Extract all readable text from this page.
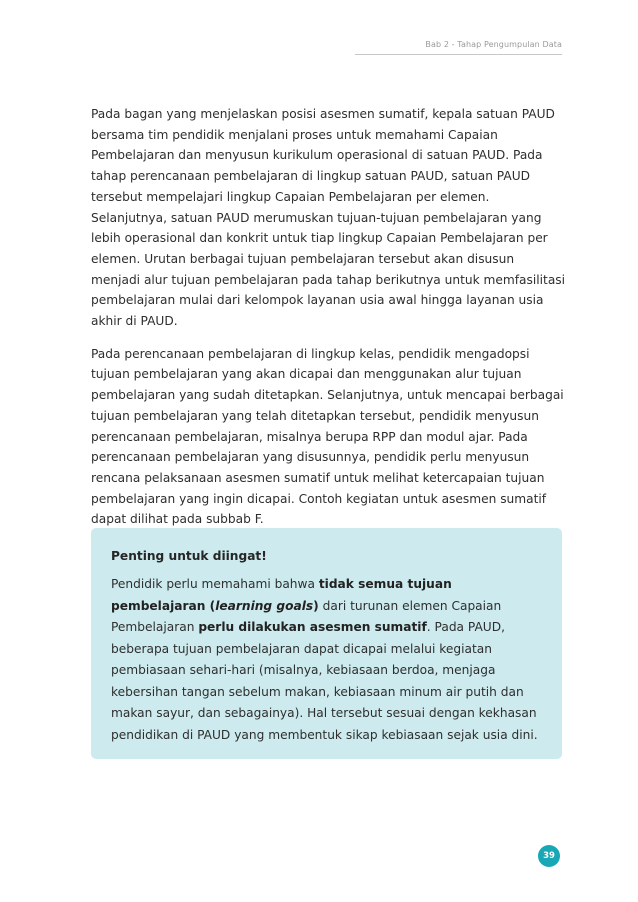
Bab 2 - Tahap Pengumpulan Data

Pada bagan yang menjelaskan posisi asesmen sumatif, kepala satuan PAUD bersama tim pendidik menjalani proses untuk memahami Capaian Pembelajaran dan menyusun kurikulum operasional di satuan PAUD. Pada tahap perencanaan pembelajaran di lingkup satuan PAUD, satuan PAUD tersebut mempelajari lingkup Capaian Pembelajaran per elemen. Selanjutnya, satuan PAUD merumuskan tujuan-tujuan pembelajaran yang lebih operasional dan konkrit untuk tiap lingkup Capaian Pembelajaran per elemen. Urutan berbagai tujuan pembelajaran tersebut akan disusun menjadi alur tujuan pembelajaran pada tahap berikutnya untuk memfasilitasi pembelajaran mulai dari kelompok layanan usia awal hingga layanan usia akhir di PAUD.

Pada perencanaan pembelajaran di lingkup kelas, pendidik mengadopsi tujuan pembelajaran yang akan dicapai dan menggunakan alur tujuan pembelajaran yang sudah ditetapkan. Selanjutnya, untuk mencapai berbagai tujuan pembelajaran yang telah ditetapkan tersebut, pendidik menyusun perencanaan pembelajaran, misalnya berupa RPP dan modul ajar. Pada perencanaan pembelajaran yang disusunnya, pendidik perlu menyusun rencana pelaksanaan asesmen sumatif untuk melihat ketercapaian tujuan pembelajaran yang ingin dicapai. Contoh kegiatan untuk asesmen sumatif dapat dilihat pada subbab F.

Penting untuk diingat!

Pendidik perlu memahami bahwa tidak semua tujuan pembelajaran (learning goals) dari turunan elemen Capaian Pembelajaran perlu dilakukan asesmen sumatif. Pada PAUD, beberapa tujuan pembelajaran dapat dicapai melalui kegiatan pembiasaan sehari-hari (misalnya, kebiasaan berdoa, menjaga kebersihan tangan sebelum makan, kebiasaan minum air putih dan makan sayur, dan sebagainya). Hal tersebut sesuai dengan kekhasan pendidikan di PAUD yang membentuk sikap kebiasaan sejak usia dini.

39
